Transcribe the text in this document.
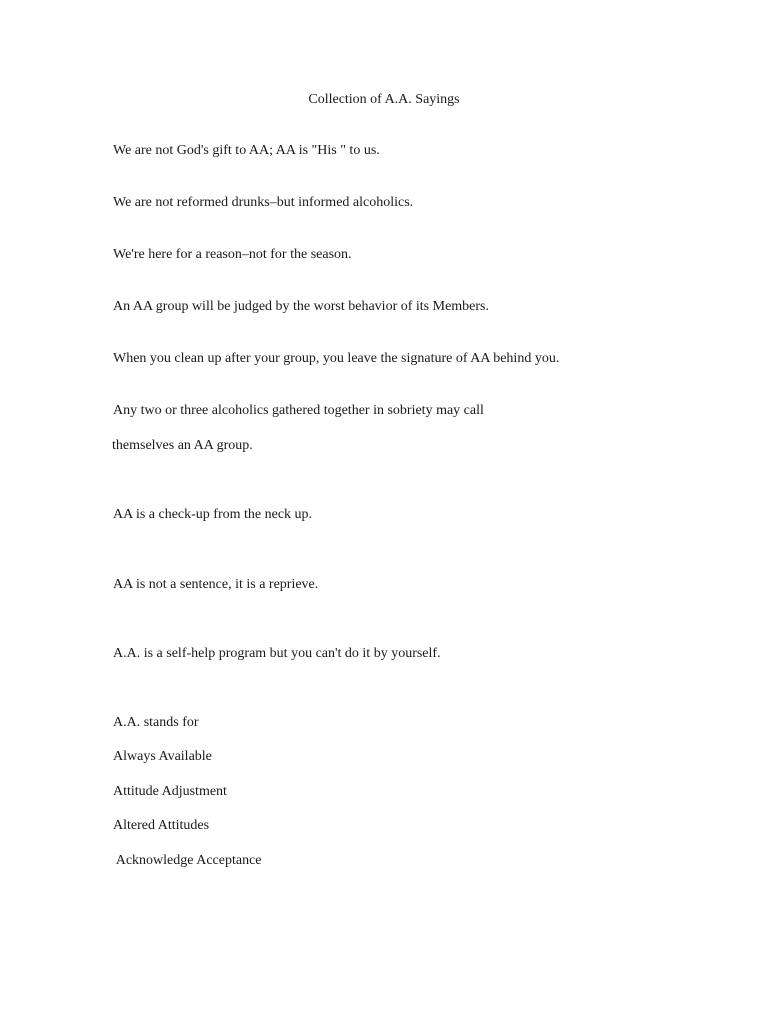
Collection of A.A. Sayings
We are not God's gift to AA; AA is "His " to us.
We are not reformed drunks–but informed alcoholics.
We're here for a reason–not for the season.
An AA group will be judged by the worst behavior of its Members.
When you clean up after your group, you leave the signature of AA behind you.
Any two or three alcoholics gathered together in sobriety may call
themselves an AA group.
AA is a check-up from the neck up.
AA is not a sentence, it is a reprieve.
A.A. is a self-help program but you can't do it by yourself.
A.A. stands for
Always Available
Attitude Adjustment
Altered Attitudes
Acknowledge Acceptance
